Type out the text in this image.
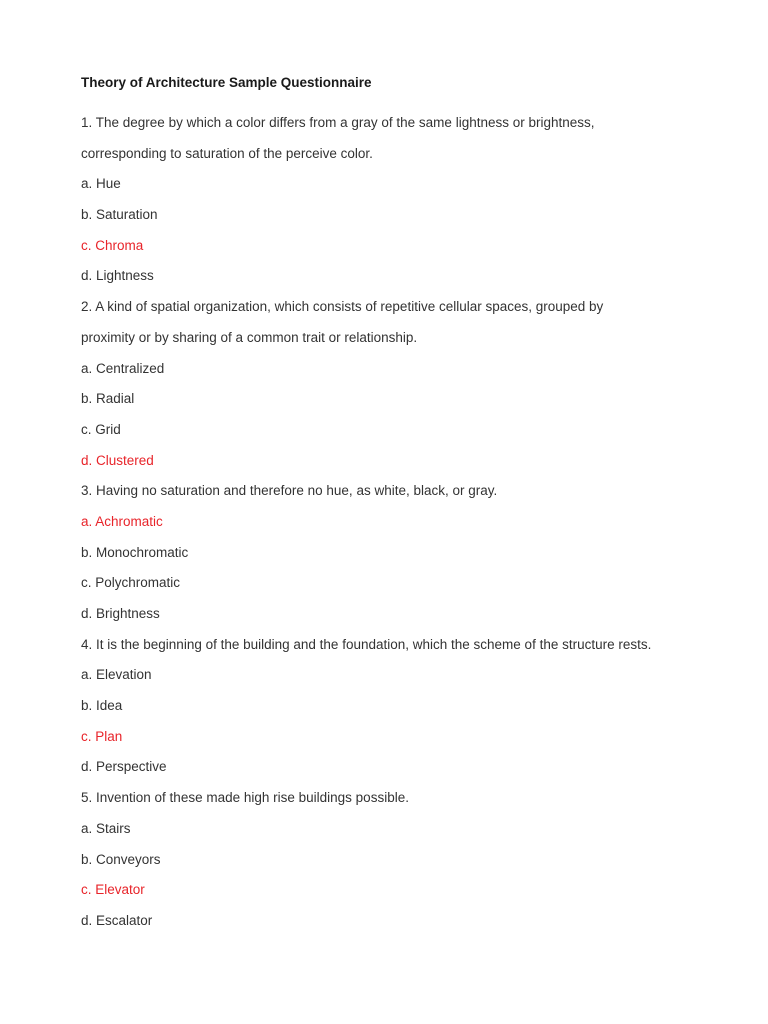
Theory of Architecture Sample Questionnaire
1. The degree by which a color differs from a gray of the same lightness or brightness,
corresponding to saturation of the perceive color.
a. Hue
b. Saturation
c. Chroma
d. Lightness
2. A kind of spatial organization, which consists of repetitive cellular spaces, grouped by
proximity or by sharing of a common trait or relationship.
a. Centralized
b. Radial
c. Grid
d. Clustered
3. Having no saturation and therefore no hue, as white, black, or gray.
a. Achromatic
b. Monochromatic
c. Polychromatic
d. Brightness
4. It is the beginning of the building and the foundation, which the scheme of the structure rests.
a. Elevation
b. Idea
c. Plan
d. Perspective
5. Invention of these made high rise buildings possible.
a. Stairs
b. Conveyors
c. Elevator
d. Escalator
